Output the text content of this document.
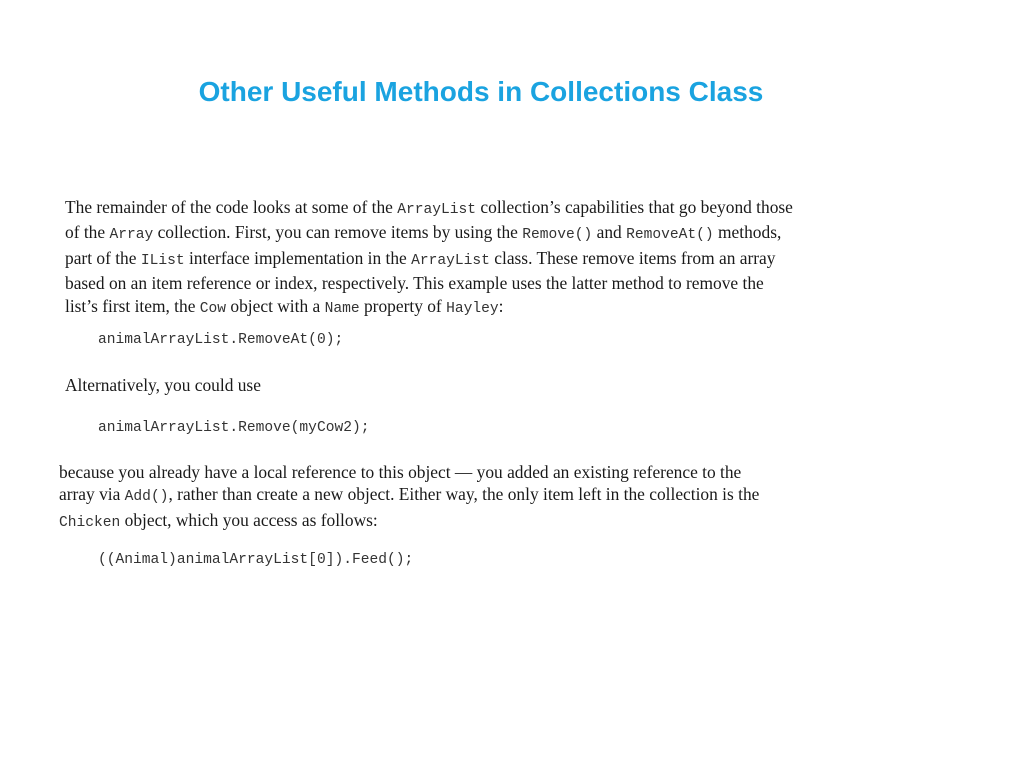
Other Useful Methods in Collections Class
The remainder of the code looks at some of the ArrayList collection’s capabilities that go beyond those
of the Array collection. First, you can remove items by using the Remove() and RemoveAt() methods,
part of the IList interface implementation in the ArrayList class. These remove items from an array
based on an item reference or index, respectively. This example uses the latter method to remove the
list’s first item, the Cow object with a Name property of Hayley:
animalArrayList.RemoveAt(0);
Alternatively, you could use
animalArrayList.Remove(myCow2);
because you already have a local reference to this object — you added an existing reference to the
array via Add(), rather than create a new object. Either way, the only item left in the collection is the
Chicken object, which you access as follows:
((Animal)animalArrayList[0]).Feed();
